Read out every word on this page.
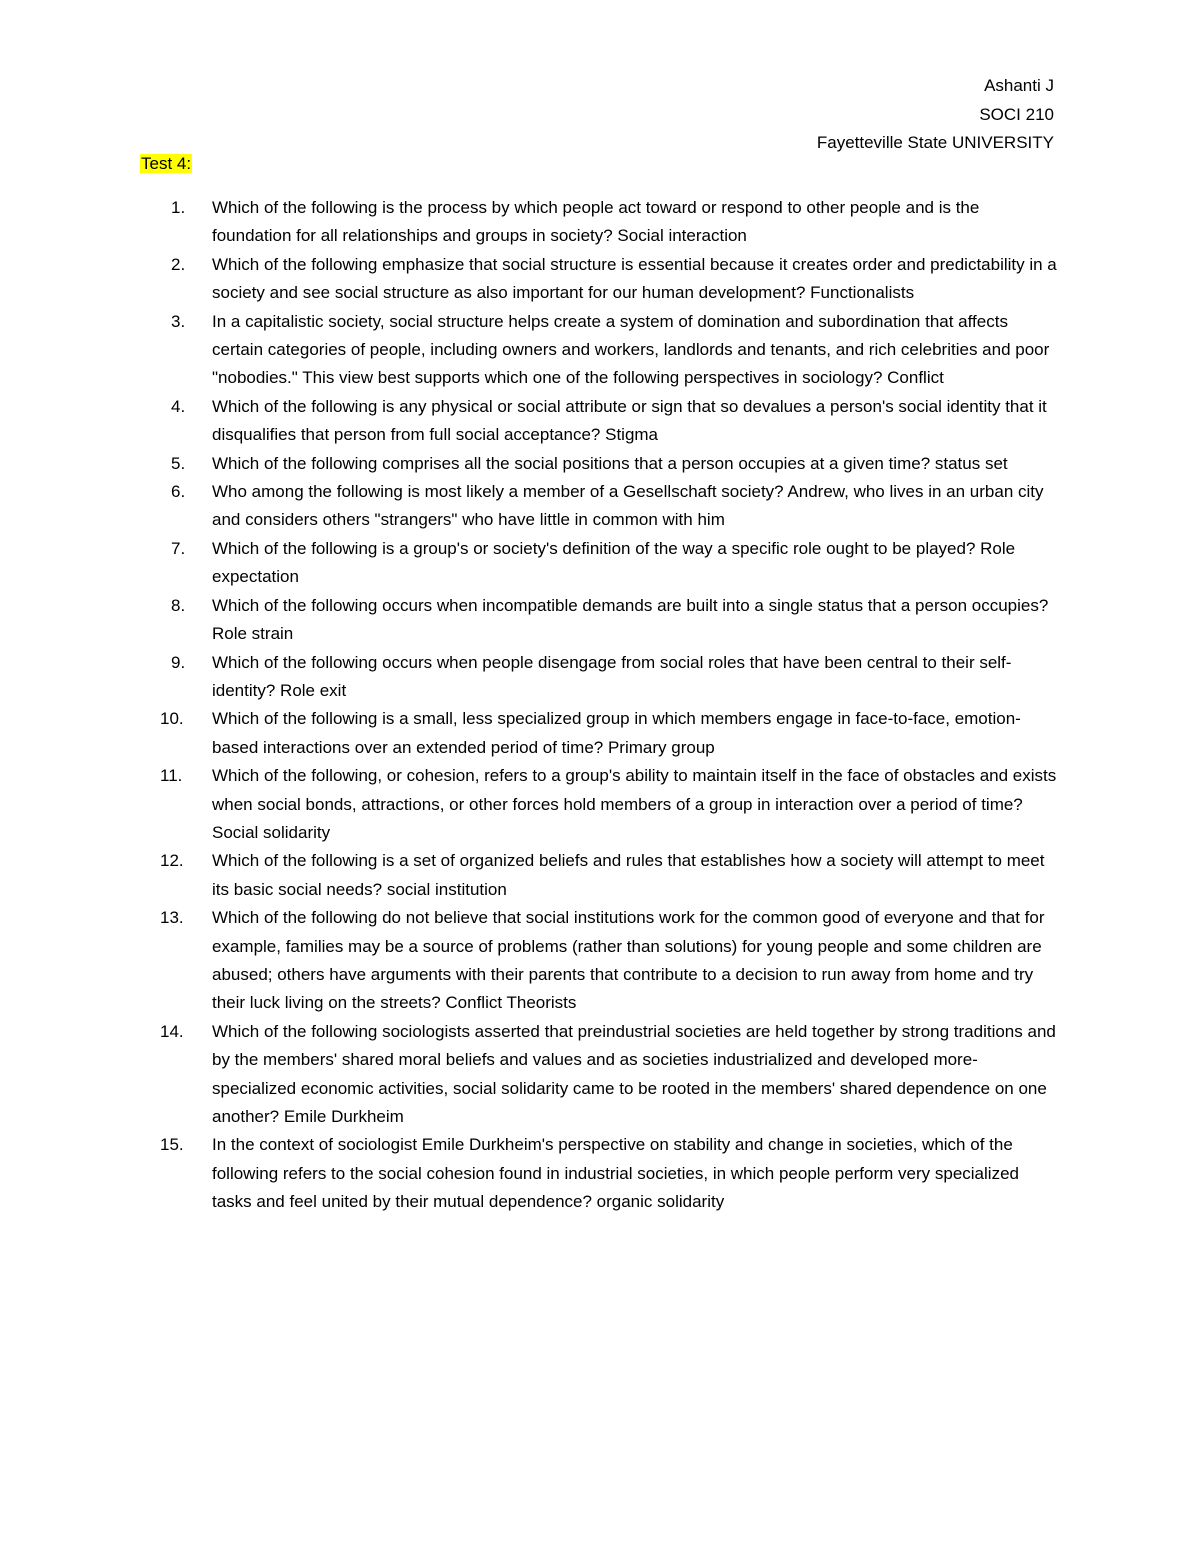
Ashanti J
SOCI 210
Fayetteville State UNIVERSITY
Test 4:
1.	Which of the following is the process by which people act toward or respond to other people and is the foundation for all relationships and groups in society? Social interaction
2.	Which of the following emphasize that social structure is essential because it creates order and predictability in a society and see social structure as also important for our human development? Functionalists
3.	In a capitalistic society, social structure helps create a system of domination and subordination that affects certain categories of people, including owners and workers, landlords and tenants, and rich celebrities and poor "nobodies." This view best supports which one of the following perspectives in sociology? Conflict
4.	Which of the following is any physical or social attribute or sign that so devalues a person's social identity that it disqualifies that person from full social acceptance? Stigma
5.	Which of the following comprises all the social positions that a person occupies at a given time? status set
6.	Who among the following is most likely a member of a Gesellschaft society? Andrew, who lives in an urban city and considers others "strangers" who have little in common with him
7.	Which of the following is a group's or society's definition of the way a specific role ought to be played? Role expectation
8.	Which of the following occurs when incompatible demands are built into a single status that a person occupies? Role strain
9.	Which of the following occurs when people disengage from social roles that have been central to their self-identity? Role exit
10.	Which of the following is a small, less specialized group in which members engage in face-to-face, emotion-based interactions over an extended period of time? Primary group
11.	Which of the following, or cohesion, refers to a group's ability to maintain itself in the face of obstacles and exists when social bonds, attractions, or other forces hold members of a group in interaction over a period of time? Social solidarity
12.	Which of the following is a set of organized beliefs and rules that establishes how a society will attempt to meet its basic social needs? social institution
13.	Which of the following do not believe that social institutions work for the common good of everyone and that for example, families may be a source of problems (rather than solutions) for young people and some children are abused; others have arguments with their parents that contribute to a decision to run away from home and try their luck living on the streets? Conflict Theorists
14.	Which of the following sociologists asserted that preindustrial societies are held together by strong traditions and by the members' shared moral beliefs and values and as societies industrialized and developed more-specialized economic activities, social solidarity came to be rooted in the members' shared dependence on one another? Emile Durkheim
15.	In the context of sociologist Emile Durkheim's perspective on stability and change in societies, which of the following refers to the social cohesion found in industrial societies, in which people perform very specialized tasks and feel united by their mutual dependence? organic solidarity
